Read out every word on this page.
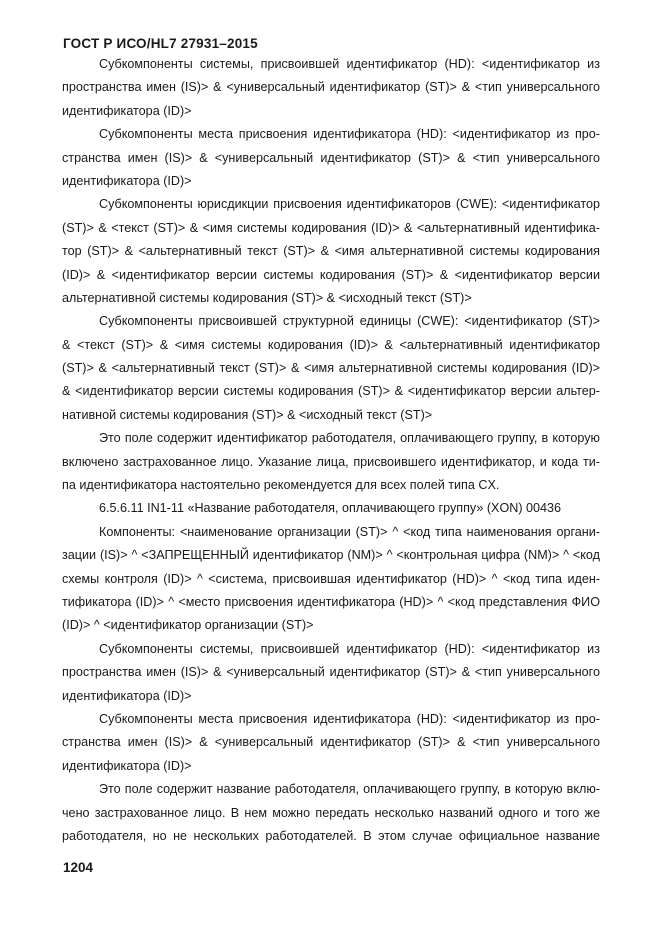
ГОСТ Р ИСО/HL7 27931–2015
Субкомпоненты системы, присвоившей идентификатор (HD): <идентификатор из
пространства имен (IS)> & <универсальный идентификатор (ST)> & <тип универсального
идентификатора (ID)>
Субкомпоненты места присвоения идентификатора (HD): <идентификатор из про-
странства имен (IS)> & <универсальный идентификатор (ST)> & <тип универсального
идентификатора (ID)>
Субкомпоненты юрисдикции присвоения идентификаторов (CWE): <идентификатор
(ST)> & <текст (ST)> & <имя системы кодирования (ID)> & <альтернативный идентифика-
тор (ST)> & <альтернативный текст (ST)> & <имя альтернативной системы кодирования
(ID)> & <идентификатор версии системы кодирования (ST)> & <идентификатор версии
альтернативной системы кодирования (ST)> & <исходный текст (ST)>
Субкомпоненты присвоившей структурной единицы (CWE): <идентификатор (ST)>
& <текст (ST)> & <имя системы кодирования (ID)> & <альтернативный идентификатор
(ST)> & <альтернативный текст (ST)> & <имя альтернативной системы кодирования (ID)>
& <идентификатор версии системы кодирования (ST)> & <идентификатор версии альтер-
нативной системы кодирования (ST)> & <исходный текст (ST)>
Это поле содержит идентификатор работодателя, оплачивающего группу, в которую
включено застрахованное лицо. Указание лица, присвоившего идентификатор, и кода ти-
па идентификатора настоятельно рекомендуется для всех полей типа CX.
6.5.6.11 IN1-11 «Название работодателя, оплачивающего группу» (XON) 00436
Компоненты: <наименование организации (ST)> ^ <код типа наименования органи-
зации (IS)> ^ <ЗАПРЕЩЕННЫЙ идентификатор (NM)> ^ <контрольная цифра (NM)> ^ <код
схемы контроля (ID)> ^ <система, присвоившая идентификатор (HD)> ^ <код типа иден-
тификатора (ID)> ^ <место присвоения идентификатора (HD)> ^ <код представления ФИО
(ID)> ^ <идентификатор организации (ST)>
Субкомпоненты системы, присвоившей идентификатор (HD): <идентификатор из
пространства имен (IS)> & <универсальный идентификатор (ST)> & <тип универсального
идентификатора (ID)>
Субкомпоненты места присвоения идентификатора (HD): <идентификатор из про-
странства имен (IS)> & <универсальный идентификатор (ST)> & <тип универсального
идентификатора (ID)>
Это поле содержит название работодателя, оплачивающего группу, в которую вклю-
чено застрахованное лицо. В нем можно передать несколько названий одного и того же
работодателя, но не нескольких работодателей. В этом случае официальное название
1204
